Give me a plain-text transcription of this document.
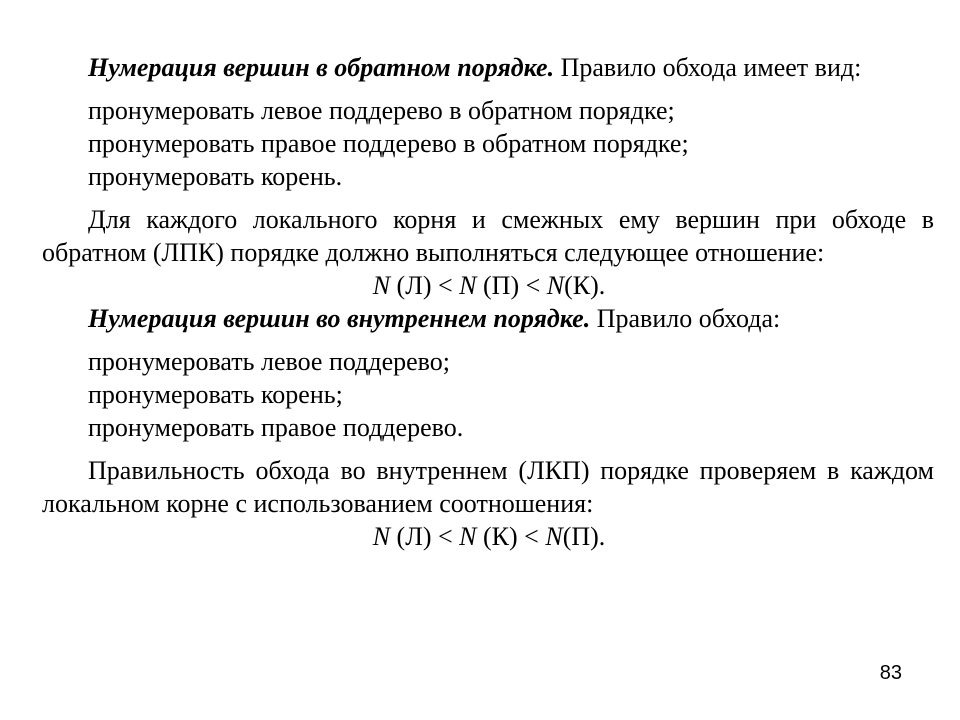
Нумерация вершин в обратном порядке. Правило обхода имеет вид:

пронумеровать левое поддерево в обратном порядке;
пронумеровать правое поддерево в обратном порядке;
пронумеровать корень.

Для каждого локального корня и смежных ему вершин при обходе в обратном (ЛПК) порядке должно выполняться следующее отношение:

N (Л) < N (П) < N(К).

Нумерация вершин во внутреннем порядке. Правило обхода:

пронумеровать левое поддерево;
пронумеровать корень;
пронумеровать правое поддерево.

Правильность обхода во внутреннем (ЛКП) порядке проверяем в каждом локальном корне с использованием соотношения:

N (Л) < N (К) < N(П).

83
